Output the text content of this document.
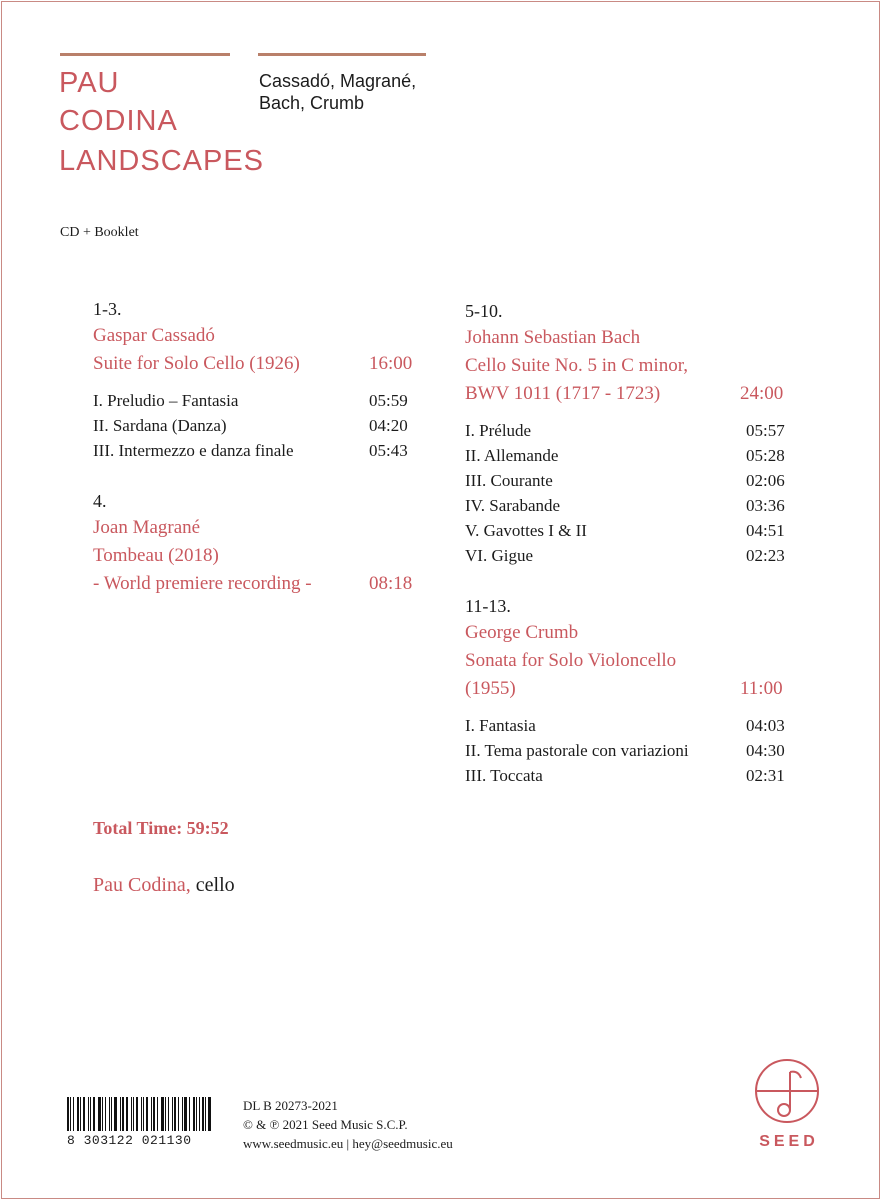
PAU
CODINA
LANDSCAPES
Cassadó, Magrané,
Bach, Crumb
CD + Booklet
1-3.
Gaspar Cassadó
Suite for Solo Cello (1926)	16:00
I. Preludio – Fantasia	05:59
II. Sardana (Danza)	04:20
III. Intermezzo e danza finale	05:43
4.
Joan Magrané
Tombeau (2018)
- World premiere recording -	08:18
5-10.
Johann Sebastian Bach
Cello Suite No. 5 in C minor,
BWV 1011 (1717 - 1723)	24:00
I. Prélude	05:57
II. Allemande	05:28
III. Courante	02:06
IV. Sarabande	03:36
V. Gavottes I & II	04:51
VI. Gigue	02:23
11-13.
George Crumb
Sonata for Solo Violoncello
(1955)	11:00
I. Fantasia	04:03
II. Tema pastorale con variazioni	04:30
III. Toccata	02:31
Total Time: 59:52
Pau Codina, cello
8 303122 021130
DL B 20273-2021
© & ℗ 2021 Seed Music S.C.P.
www.seedmusic.eu | hey@seedmusic.eu	SEED
